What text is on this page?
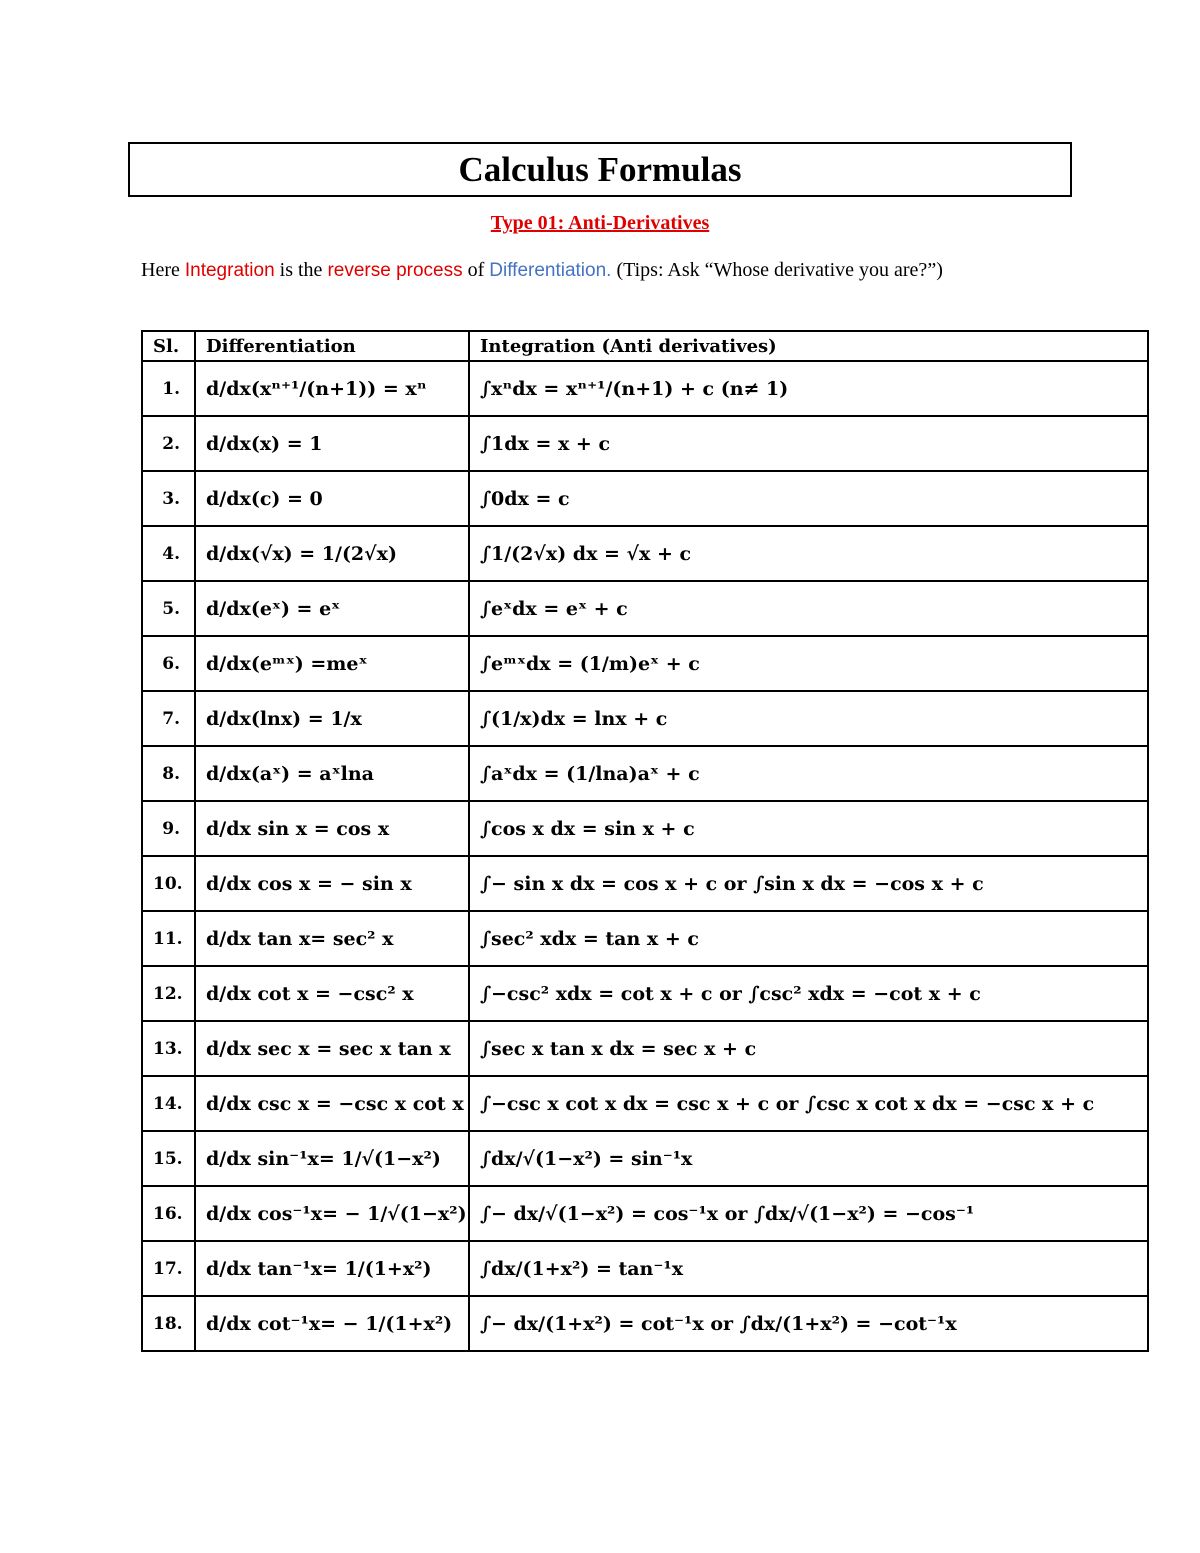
Calculus Formulas
Type 01: Anti-Derivatives
Here Integration is the reverse process of Differentiation. (Tips: Ask “Whose derivative you are?”)
Sl.	Differentiation	Integration (Anti derivatives)
1.	d/dx(xⁿ⁺¹/(n+1)) = xⁿ	∫xⁿdx = xⁿ⁺¹/(n+1) + c (n≠ 1)
2.	d/dx(x) = 1	∫1dx = x + c
3.	d/dx(c) = 0	∫0dx = c
4.	d/dx(√x) = 1/(2√x)	∫1/(2√x) dx = √x + c
5.	d/dx(eˣ) = eˣ	∫eˣdx = eˣ + c
6.	d/dx(eᵐˣ) =meˣ	∫eᵐˣdx = (1/m)eˣ + c
7.	d/dx(lnx) = 1/x	∫(1/x)dx = lnx + c
8.	d/dx(aˣ) = aˣlna	∫aˣdx = (1/lna)aˣ + c
9.	d/dx sin x = cos x	∫cos x dx = sin x + c
10.	d/dx cos x = − sin x	∫− sin x dx = cos x + c or ∫sin x dx = −cos x + c
11.	d/dx tan x= sec² x	∫sec² xdx = tan x + c
12.	d/dx cot x = −csc² x	∫−csc² xdx = cot x + c or ∫csc² xdx = −cot x + c
13.	d/dx sec x = sec x tan x	∫sec x tan x dx = sec x + c
14.	d/dx csc x = −csc x cot x	∫−csc x cot x dx = csc x + c or ∫csc x cot x dx = −csc x + c
15.	d/dx sin⁻¹x= 1/√(1−x²)	∫dx/√(1−x²) = sin⁻¹x
16.	d/dx cos⁻¹x= − 1/√(1−x²)	∫− dx/√(1−x²) = cos⁻¹x or ∫dx/√(1−x²) = −cos⁻¹
17.	d/dx tan⁻¹x= 1/(1+x²)	∫dx/(1+x²) = tan⁻¹x
18.	d/dx cot⁻¹x= − 1/(1+x²)	∫− dx/(1+x²) = cot⁻¹x or ∫dx/(1+x²) = −cot⁻¹x
